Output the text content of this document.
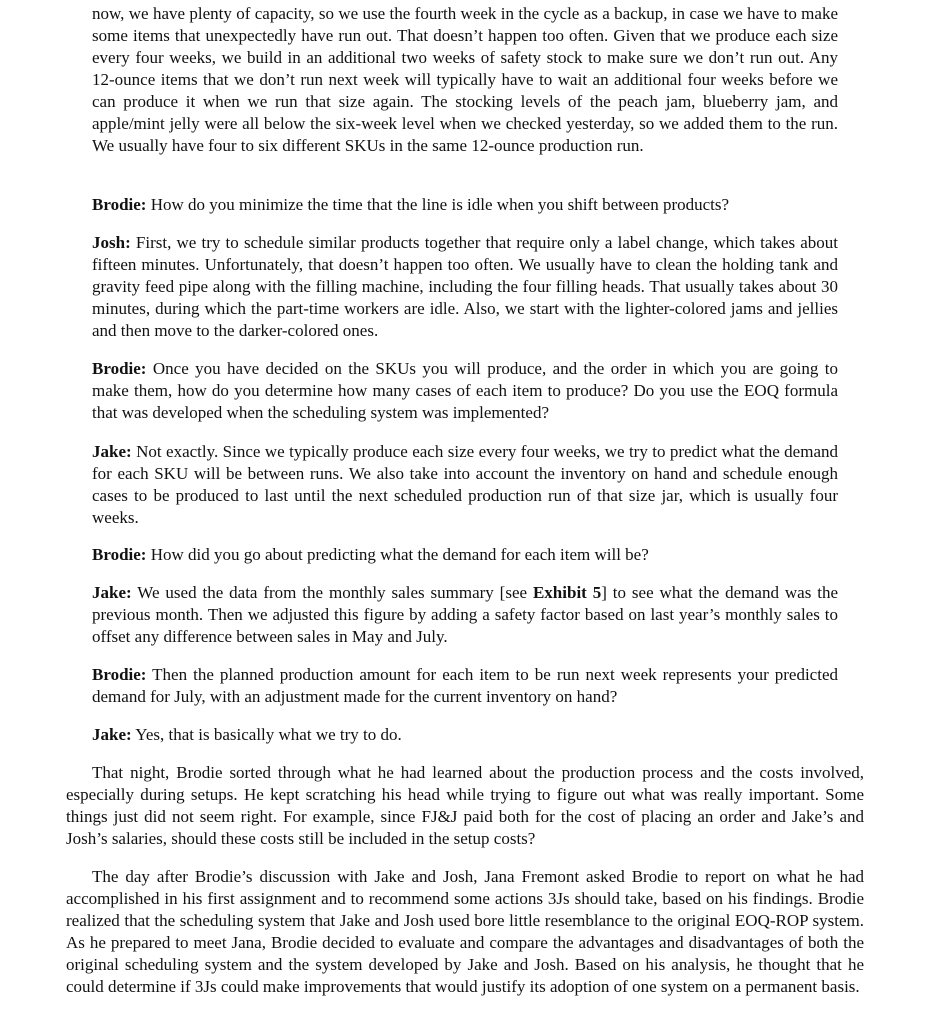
now, we have plenty of capacity, so we use the fourth week in the cycle as a backup, in case we have to make some items that unexpectedly have run out. That doesn’t happen too often. Given that we produce each size every four weeks, we build in an additional two weeks of safety stock to make sure we don’t run out. Any 12-ounce items that we don’t run next week will typically have to wait an additional four weeks before we can produce it when we run that size again. The stocking levels of the peach jam, blueberry jam, and apple/mint jelly were all below the six-week level when we checked yesterday, so we added them to the run. We usually have four to six different SKUs in the same 12-ounce production run.

Brodie: How do you minimize the time that the line is idle when you shift between products?

Josh: First, we try to schedule similar products together that require only a label change, which takes about fifteen minutes. Unfortunately, that doesn’t happen too often. We usually have to clean the holding tank and gravity feed pipe along with the filling machine, including the four filling heads. That usually takes about 30 minutes, during which the part-time workers are idle. Also, we start with the lighter-colored jams and jellies and then move to the darker-colored ones.

Brodie: Once you have decided on the SKUs you will produce, and the order in which you are going to make them, how do you determine how many cases of each item to produce? Do you use the EOQ formula that was developed when the scheduling system was implemented?

Jake: Not exactly. Since we typically produce each size every four weeks, we try to predict what the demand for each SKU will be between runs. We also take into account the inventory on hand and schedule enough cases to be produced to last until the next scheduled production run of that size jar, which is usually four weeks.

Brodie: How did you go about predicting what the demand for each item will be?

Jake: We used the data from the monthly sales summary [see Exhibit 5] to see what the demand was the previous month. Then we adjusted this figure by adding a safety factor based on last year’s monthly sales to offset any difference between sales in May and July.

Brodie: Then the planned production amount for each item to be run next week represents your predicted demand for July, with an adjustment made for the current inventory on hand?

Jake: Yes, that is basically what we try to do.

That night, Brodie sorted through what he had learned about the production process and the costs involved, especially during setups. He kept scratching his head while trying to figure out what was really important. Some things just did not seem right. For example, since FJ&J paid both for the cost of placing an order and Jake’s and Josh’s salaries, should these costs still be included in the setup costs?

The day after Brodie’s discussion with Jake and Josh, Jana Fremont asked Brodie to report on what he had accomplished in his first assignment and to recommend some actions 3Js should take, based on his findings. Brodie realized that the scheduling system that Jake and Josh used bore little resemblance to the original EOQ-ROP system. As he prepared to meet Jana, Brodie decided to evaluate and compare the advantages and disadvantages of both the original scheduling system and the system developed by Jake and Josh. Based on his analysis, he thought that he could determine if 3Js could make improvements that would justify its adoption of one system on a permanent basis.
